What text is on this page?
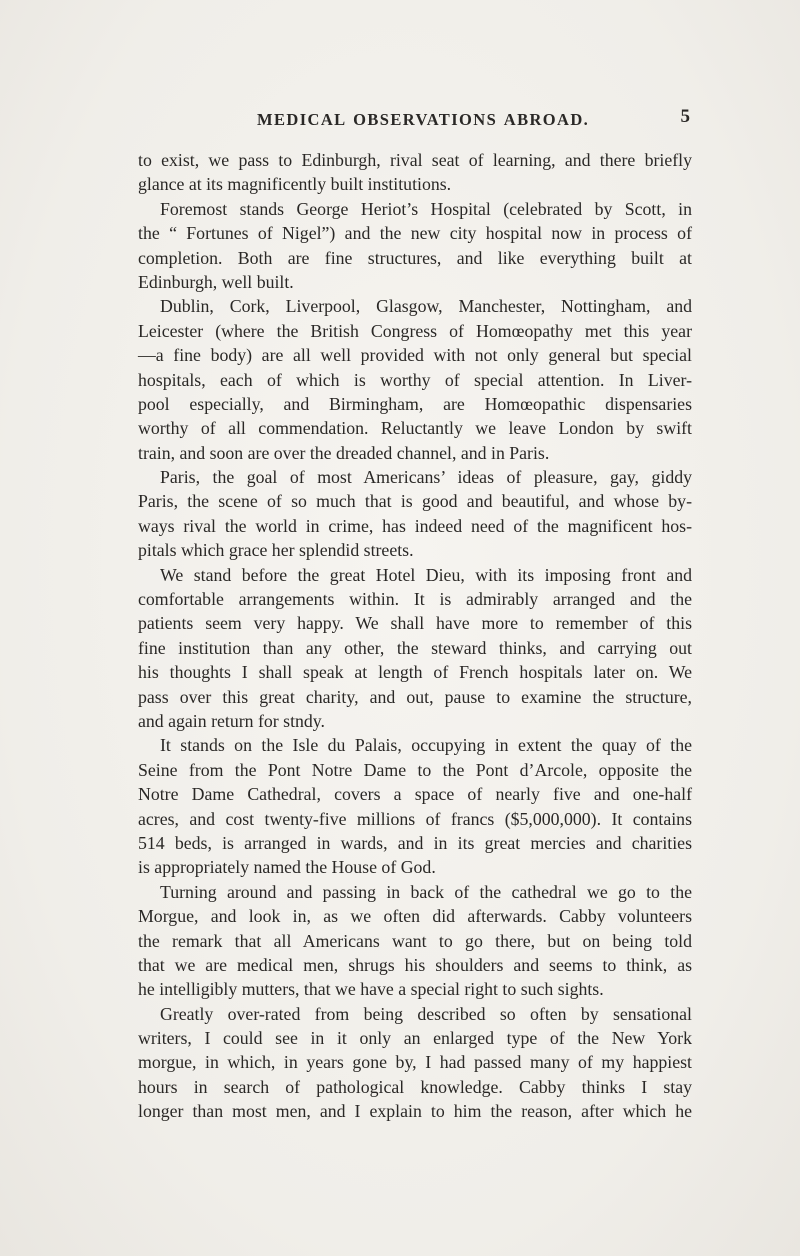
MEDICAL OBSERVATIONS ABROAD.	5
to exist, we pass to Edinburgh, rival seat of learning, and there briefly
glance at its magnificently built institutions.
Foremost stands George Heriot’s Hospital (celebrated by Scott, in
the “ Fortunes of Nigel”) and the new city hospital now in process of
completion. Both are fine structures, and like everything built at
Edinburgh, well built.
Dublin, Cork, Liverpool, Glasgow, Manchester, Nottingham, and
Leicester (where the British Congress of Homœopathy met this year
—a fine body) are all well provided with not only general but special
hospitals, each of which is worthy of special attention. In Liver-
pool especially, and Birmingham, are Homœopathic dispensaries
worthy of all commendation. Reluctantly we leave London by swift
train, and soon are over the dreaded channel, and in Paris.
Paris, the goal of most Americans’ ideas of pleasure, gay, giddy
Paris, the scene of so much that is good and beautiful, and whose by-
ways rival the world in crime, has indeed need of the magnificent hos-
pitals which grace her splendid streets.
We stand before the great Hotel Dieu, with its imposing front and
comfortable arrangements within. It is admirably arranged and the
patients seem very happy. We shall have more to remember of this
fine institution than any other, the steward thinks, and carrying out
his thoughts I shall speak at length of French hospitals later on. We
pass over this great charity, and out, pause to examine the structure,
and again return for stndy.
It stands on the Isle du Palais, occupying in extent the quay of the
Seine from the Pont Notre Dame to the Pont d’Arcole, opposite the
Notre Dame Cathedral, covers a space of nearly five and one-half
acres, and cost twenty-five millions of francs ($5,000,000). It contains
514 beds, is arranged in wards, and in its great mercies and charities
is appropriately named the House of God.
Turning around and passing in back of the cathedral we go to the
Morgue, and look in, as we often did afterwards. Cabby volunteers
the remark that all Americans want to go there, but on being told
that we are medical men, shrugs his shoulders and seems to think, as
he intelligibly mutters, that we have a special right to such sights.
Greatly over-rated from being described so often by sensational
writers, I could see in it only an enlarged type of the New York
morgue, in which, in years gone by, I had passed many of my happiest
hours in search of pathological knowledge. Cabby thinks I stay
longer than most men, and I explain to him the reason, after which he
